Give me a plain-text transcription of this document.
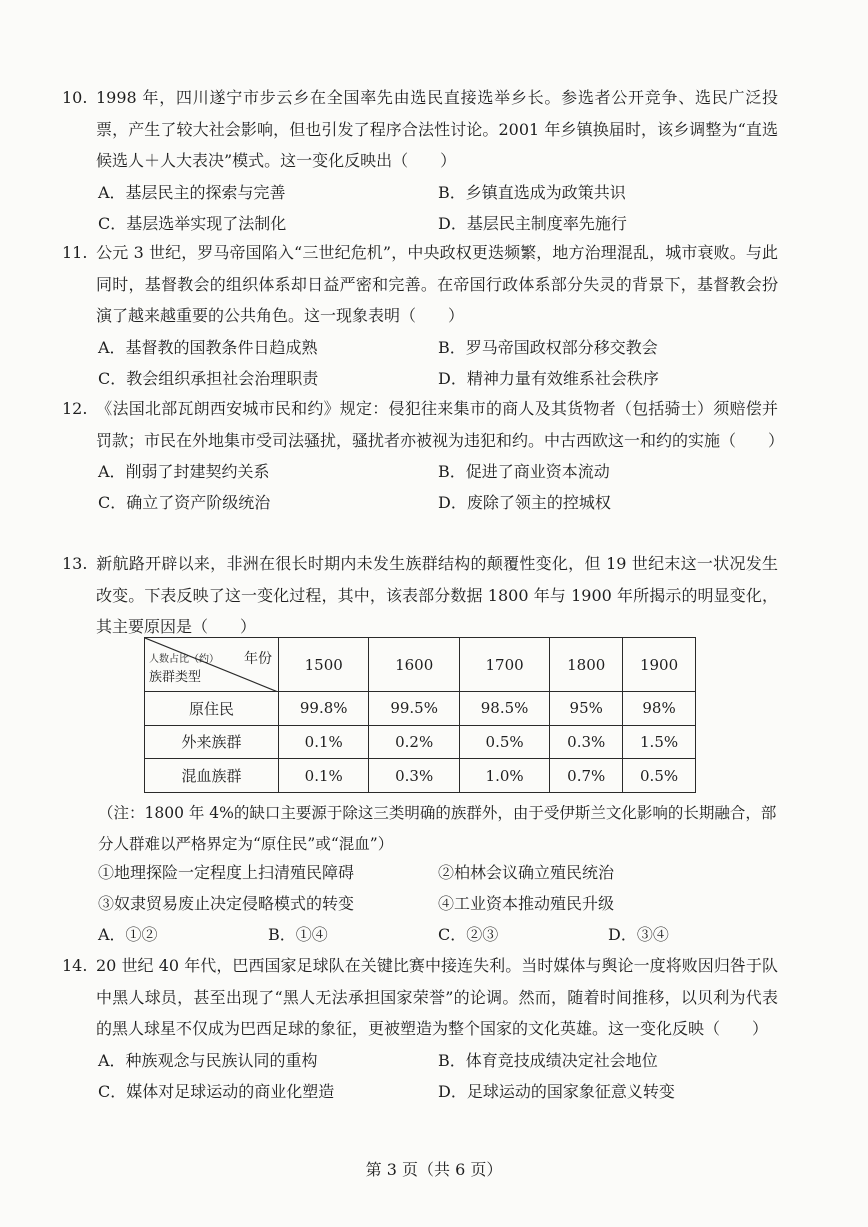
10. 1998 年，四川遂宁市步云乡在全国率先由选民直接选举乡长。参选者公开竞争、选民广泛投票，产生了较大社会影响，但也引发了程序合法性讨论。2001 年乡镇换届时，该乡调整为“直选候选人＋人大表决”模式。这一变化反映出（　　）

A．基层民主的探索与完善	B．乡镇直选成为政策共识
C．基层选举实现了法制化	D．基层民主制度率先施行

11. 公元 3 世纪，罗马帝国陷入“三世纪危机”，中央政权更迭频繁，地方治理混乱，城市衰败。与此同时，基督教会的组织体系却日益严密和完善。在帝国行政体系部分失灵的背景下，基督教会扮演了越来越重要的公共角色。这一现象表明（　　）

A．基督教的国教条件日趋成熟	B．罗马帝国政权部分移交教会
C．教会组织承担社会治理职责	D．精神力量有效维系社会秩序

12. 《法国北部瓦朗西安城市民和约》规定：侵犯往来集市的商人及其货物者（包括骑士）须赔偿并罚款；市民在外地集市受司法骚扰，骚扰者亦被视为违犯和约。中古西欧这一和约的实施（　　）

A．削弱了封建契约关系	B．促进了商业资本流动
C．确立了资产阶级统治	D．废除了领主的控城权

13. 新航路开辟以来，非洲在很长时期内未发生族群结构的颠覆性变化，但 19 世纪末这一状况发生改变。下表反映了这一变化过程，其中，该表部分数据 1800 年与 1900 年所揭示的明显变化，其主要原因是（　　）

人数占比（约） 年份
族群类型	1500	1600	1700	1800	1900
原住民	99.8%	99.5%	98.5%	95%	98%
外来族群	0.1%	0.2%	0.5%	0.3%	1.5%
混血族群	0.1%	0.3%	1.0%	0.7%	0.5%

（注：1800 年 4%的缺口主要源于除这三类明确的族群外，由于受伊斯兰文化影响的长期融合，部分人群难以严格界定为“原住民”或“混血”）

①地理探险一定程度上扫清殖民障碍	②柏林会议确立殖民统治
③奴隶贸易废止决定侵略模式的转变	④工业资本推动殖民升级
A．①②	B．①④	C．②③	D．③④

14. 20 世纪 40 年代，巴西国家足球队在关键比赛中接连失利。当时媒体与舆论一度将败因归咎于队中黑人球员，甚至出现了“黑人无法承担国家荣誉”的论调。然而，随着时间推移，以贝利为代表的黑人球星不仅成为巴西足球的象征，更被塑造为整个国家的文化英雄。这一变化反映（　　）

A．种族观念与民族认同的重构	B．体育竞技成绩决定社会地位
C．媒体对足球运动的商业化塑造	D．足球运动的国家象征意义转变
第 3 页（共 6 页）
